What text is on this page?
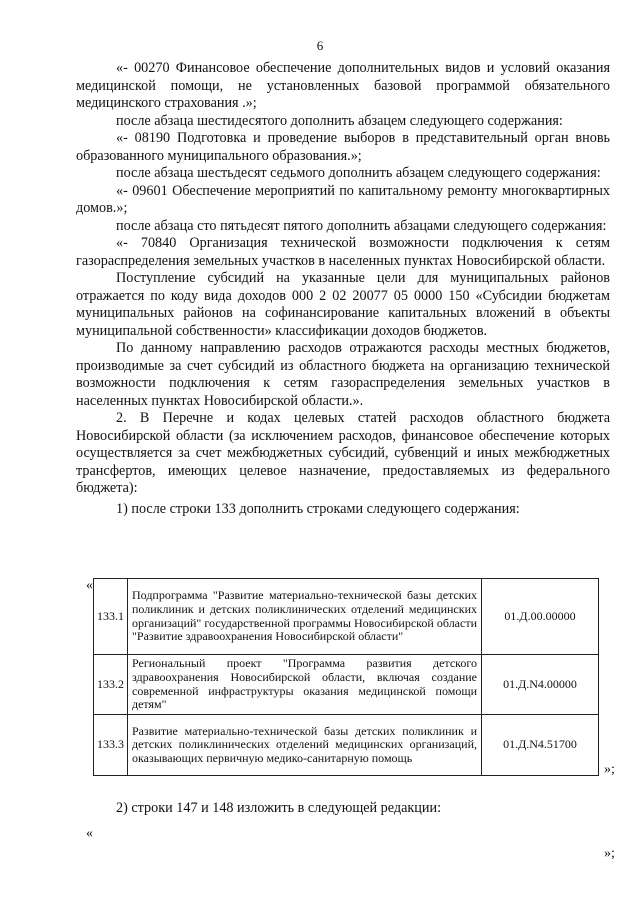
6

«- 00270 Финансовое обеспечение дополнительных видов и условий оказания медицинской помощи, не установленных базовой программой обязательного медицинского страхования .»;

после абзаца шестидесятого дополнить абзацем следующего содержания:

«- 08190 Подготовка и проведение выборов в представительный орган вновь образованного муниципального образования.»;

после абзаца шестьдесят седьмого дополнить абзацем следующего содержания:

«- 09601 Обеспечение мероприятий по капитальному ремонту многоквартирных домов.»;

после абзаца сто пятьдесят пятого дополнить абзацами следующего содержания:

«- 70840 Организация технической возможности подключения к сетям газораспределения земельных участков в населенных пунктах Новосибирской области.

Поступление субсидий на указанные цели для муниципальных районов отражается по коду вида доходов 000 2 02 20077 05 0000 150 «Субсидии бюджетам муниципальных районов на софинансирование капитальных вложений в объекты муниципальной собственности» классификации доходов бюджетов.

По данному направлению расходов отражаются расходы местных бюджетов, производимые за счет субсидий из областного бюджета на организацию технической возможности подключения к сетям газораспределения земельных участков в населенных пунктах Новосибирской области.».

2. В Перечне и кодах целевых статей расходов областного бюджета Новосибирской области (за исключением расходов, финансовое обеспечение которых осуществляется за счет межбюджетных субсидий, субвенций и иных межбюджетных трансфертов, имеющих целевое назначение, предоставляемых из федерального бюджета):

1) после строки 133 дополнить строками следующего содержания:

«
133.1	Подпрограмма "Развитие материально-технической базы детских поликлиник и детских поликлинических отделений медицинских организаций" государственной программы Новосибирской области "Развитие здравоохранения Новосибирской области"	01.Д.00.00000
133.2	Региональный проект "Программа развития детского здравоохранения Новосибирской области, включая создание современной инфраструктуры оказания медицинской помощи детям"	01.Д.N4.00000
133.3	Развитие материально-технической базы детских поликлиник и детских поликлинических отделений медицинских организаций, оказывающих первичную медико-санитарную помощь	01.Д.N4.51700
»;
2) строки 147 и 148 изложить в следующей редакции:
«
»;
